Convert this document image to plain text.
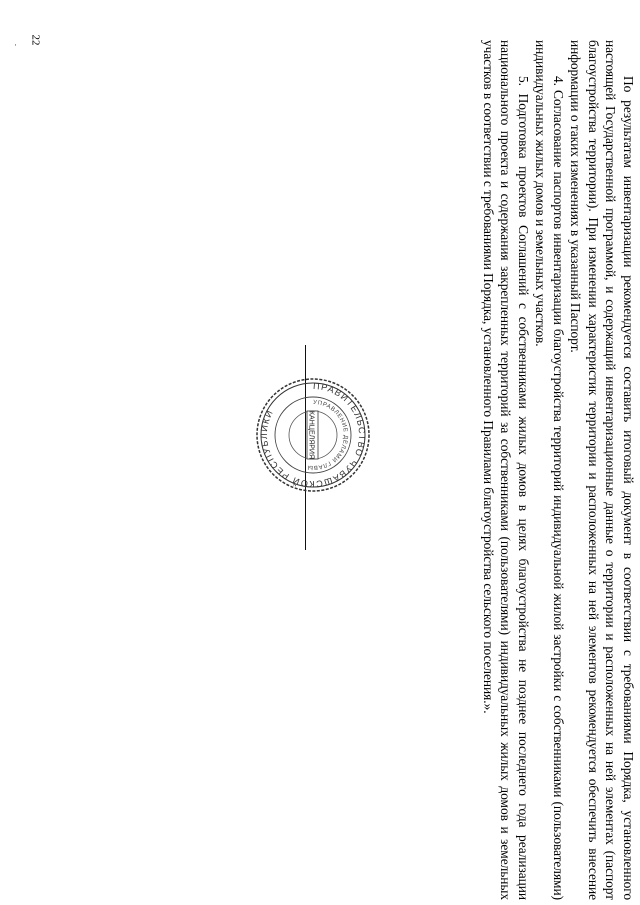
22
·

По результатам инвентаризации рекомендуется составить итоговый документ в соответствии с требованиями Порядка, установленного настоящей Государственной программой, и содержащий инвентаризационные данные о территории и расположенных на ней элементах (паспорт благоустройства территории). При изменении характеристик территории и расположенных на ней элементов рекомендуется обеспечить внесение информации о таких изменениях в указанный Паспорт.

4. Согласование паспортов инвентаризации благоустройства территорий индивидуальной жилой застройки с собственниками (пользователями) индивидуальных жилых домов и земельных участков.

5. Подготовка проектов Соглашений с собственниками жилых домов в целях благоустройства не позднее последнего года реализации национального проекта и содержания закрепленных территорий за собственниками (пользователями) индивидуальных жилых домов и земельных участков в соответствии с требованиями Порядка, установленного Правилами благоустройства сельского поселения.».

ПРАВИТЕЛЬСТВО ЧУВАШСКОЙ РЕСПУБЛИКИ
УПРАВЛЕНИЕ ДЕЛАМИ ГЛАВЫ
КАНЦЕЛЯРИЯ
